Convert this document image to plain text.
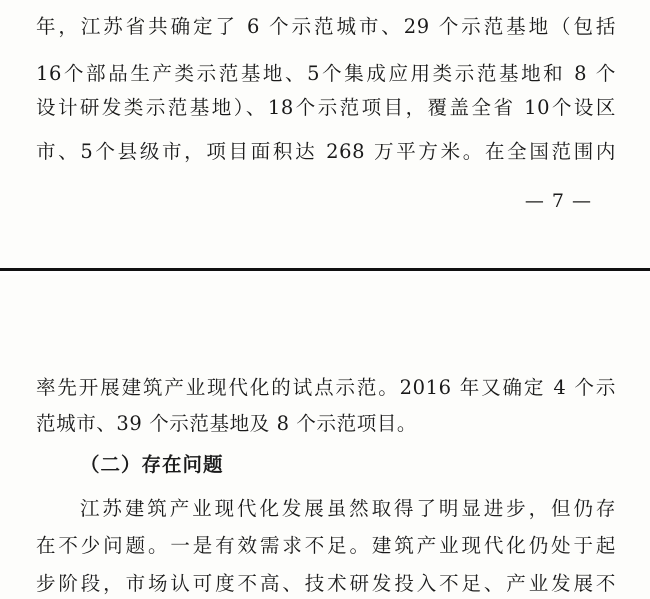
年，江苏省共确定了 6 个示范城市、29 个示范基地（包括
16个部品生产类示范基地、5个集成应用类示范基地和 8 个
设计研发类示范基地）、18个示范项目，覆盖全省 10个设区
市、5个县级市，项目面积达 268 万平方米。在全国范围内
— 7 —
率先开展建筑产业现代化的试点示范。2016 年又确定 4 个示
范城市、39 个示范基地及 8 个示范项目。
（二）存在问题
江苏建筑产业现代化发展虽然取得了明显进步，但仍存
在不少问题。一是有效需求不足。建筑产业现代化仍处于起
步阶段，市场认可度不高、技术研发投入不足、产业发展不
